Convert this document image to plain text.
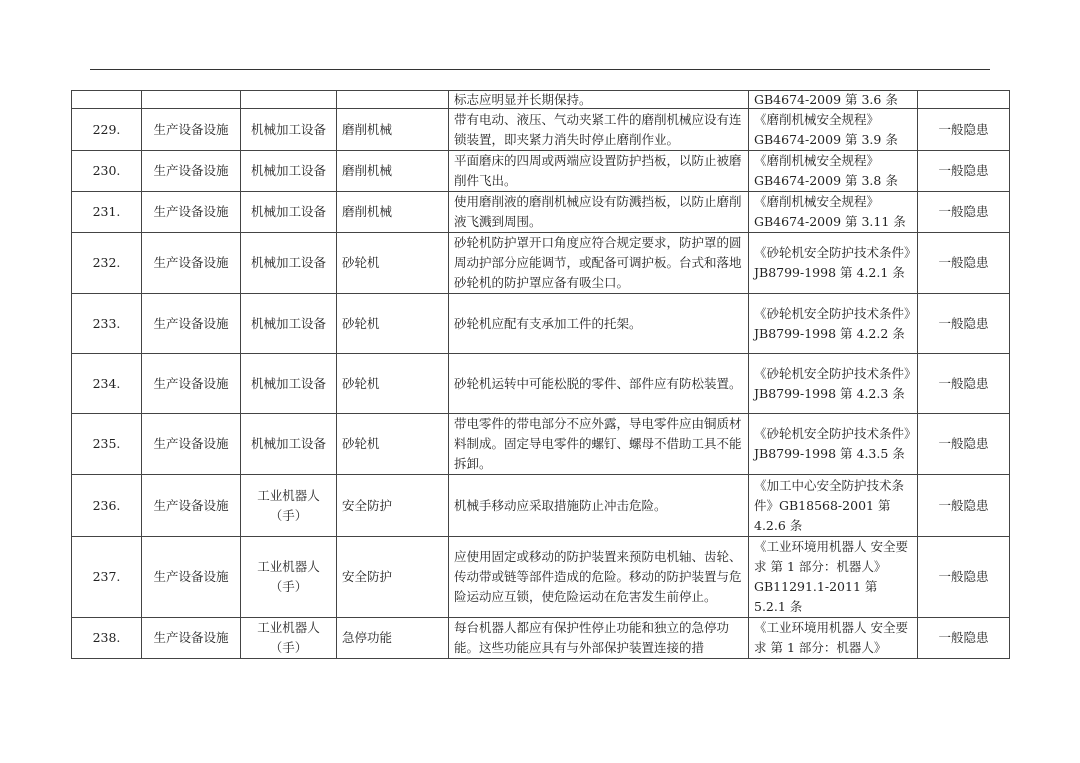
				标志应明显并长期保持。	GB4674-2009 第 3.6 条	
229.	生产设备设施	机械加工设备	磨削机械	带有电动、液压、气动夹紧工件的磨削机械应设有连锁装置，即夹紧力消失时停止磨削作业。	《磨削机械安全规程》GB4674-2009 第 3.9 条	一般隐患
230.	生产设备设施	机械加工设备	磨削机械	平面磨床的四周或两端应设置防护挡板，以防止被磨削件飞出。	《磨削机械安全规程》GB4674-2009 第 3.8 条	一般隐患
231.	生产设备设施	机械加工设备	磨削机械	使用磨削液的磨削机械应设有防溅挡板，以防止磨削液飞溅到周围。	《磨削机械安全规程》GB4674-2009 第 3.11 条	一般隐患
232.	生产设备设施	机械加工设备	砂轮机	砂轮机防护罩开口角度应符合规定要求，防护罩的圆周动护部分应能调节，或配备可调护板。台式和落地砂轮机的防护罩应备有吸尘口。	《砂轮机安全防护技术条件》JB8799-1998 第 4.2.1 条	一般隐患
233.	生产设备设施	机械加工设备	砂轮机	砂轮机应配有支承加工件的托架。	《砂轮机安全防护技术条件》JB8799-1998 第 4.2.2 条	一般隐患
234.	生产设备设施	机械加工设备	砂轮机	砂轮机运转中可能松脱的零件、部件应有防松装置。	《砂轮机安全防护技术条件》JB8799-1998 第 4.2.3 条	一般隐患
235.	生产设备设施	机械加工设备	砂轮机	带电零件的带电部分不应外露，导电零件应由铜质材料制成。固定导电零件的螺钉、螺母不借助工具不能拆卸。	《砂轮机安全防护技术条件》JB8799-1998 第 4.3.5 条	一般隐患
236.	生产设备设施	工业机器人（手）	安全防护	机械手移动应采取措施防止冲击危险。	《加工中心安全防护技术条件》GB18568-2001 第 4.2.6 条	一般隐患
237.	生产设备设施	工业机器人（手）	安全防护	应使用固定或移动的防护装置来预防电机轴、齿轮、传动带或链等部件造成的危险。移动的防护装置与危险运动应互锁，使危险运动在危害发生前停止。	《工业环境用机器人 安全要求 第 1 部分：机器人》GB11291.1-2011 第 5.2.1 条	一般隐患
238.	生产设备设施	工业机器人（手）	急停功能	每台机器人都应有保护性停止功能和独立的急停功能。这些功能应具有与外部保护装置连接的措	《工业环境用机器人 安全要求 第 1 部分：机器人》	一般隐患
